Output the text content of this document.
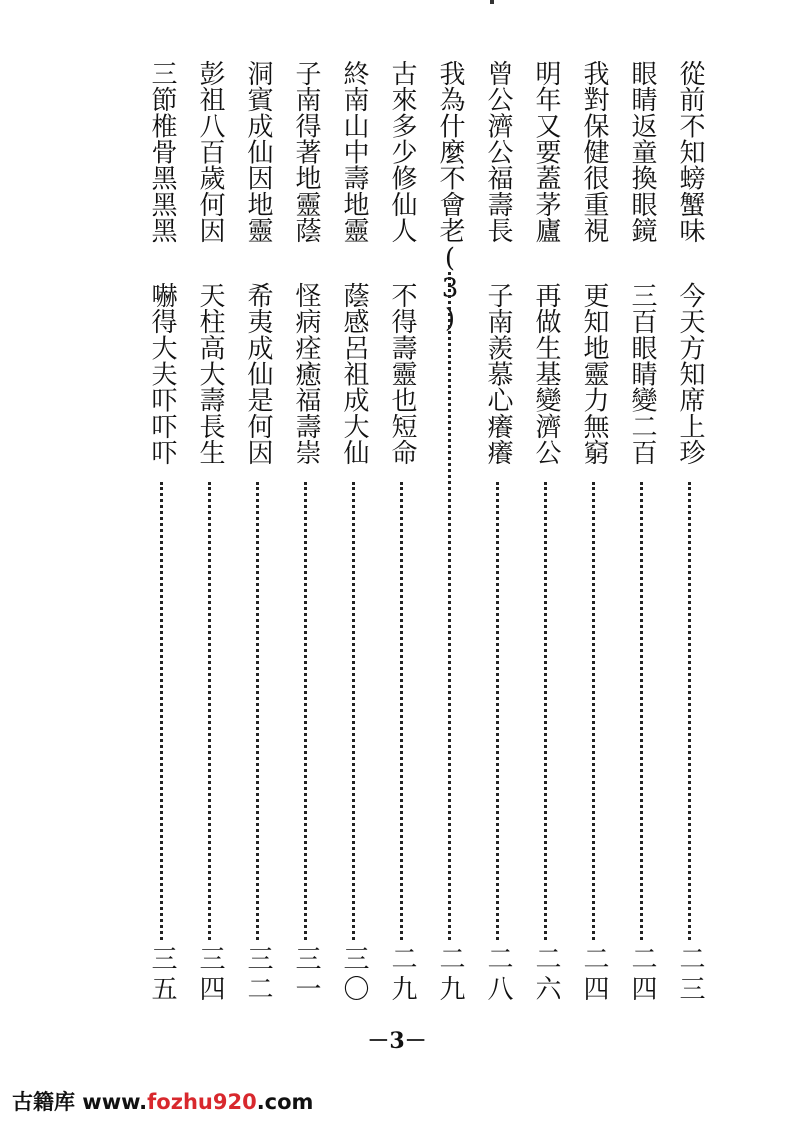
從前不知螃蟹味
今天方知席上珍
二三
眼睛返童換眼鏡
三百眼睛變二百
二四
我對保健很重視
更知地靈力無窮
二四
明年又要蓋茅廬
再做生基變濟公
二六
曾公濟公福壽長
子南羨慕心癢癢
二八
我為什麼不會老(3)
二九
古來多少修仙人
不得壽靈也短命
二九
終南山中壽地靈
蔭感呂祖成大仙
三〇
子南得著地靈蔭
怪病痊癒福壽崇
三一
洞賓成仙因地靈
希夷成仙是何因
三二
彭祖八百歲何因
天柱高大壽長生
三四
三節椎骨黑黑黑
嚇得大夫吓吓吓
三五
－3－
古籍库 www.fozhu920.com
